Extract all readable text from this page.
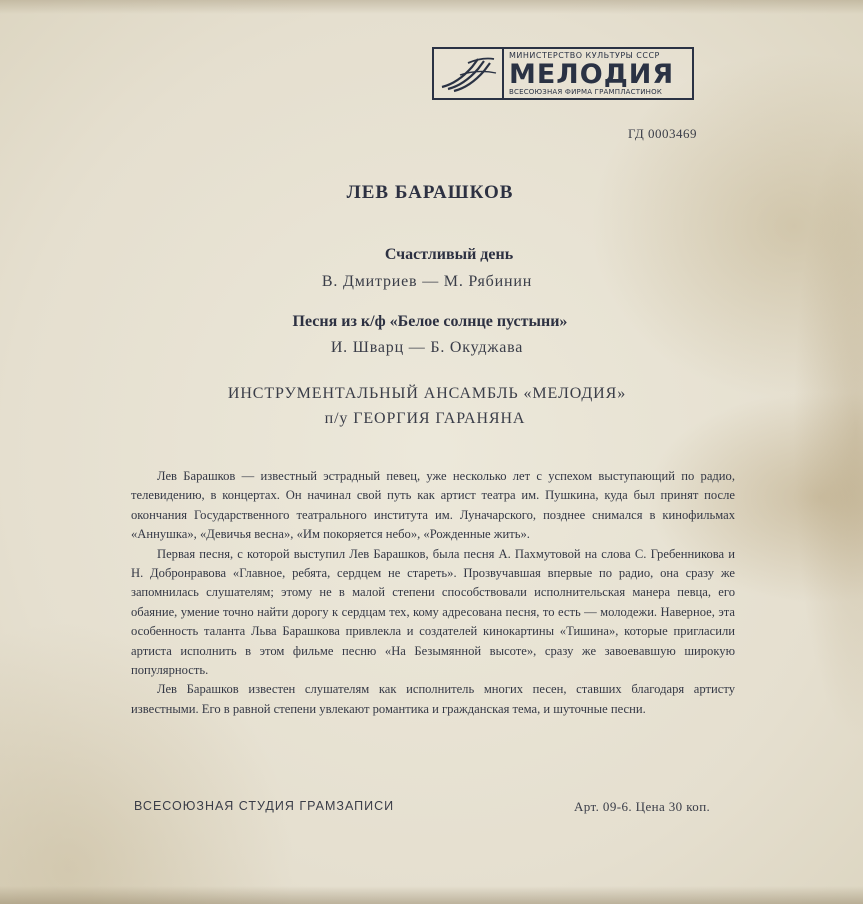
МИНИСТЕРСТВО КУЛЬТУРЫ СССР
МЕЛОДИЯ
ВСЕСОЮЗНАЯ ФИРМА ГРАМПЛАСТИНОК
ГД 0003469
ЛЕВ БАРАШКОВ
Счастливый день
В. Дмитриев — М. Рябинин
Песня из к/ф «Белое солнце пустыни»
И. Шварц — Б. Окуджава
ИНСТРУМЕНТАЛЬНЫЙ АНСАМБЛЬ «МЕЛОДИЯ»
п/у ГЕОРГИЯ ГАРАНЯНА

Лев Барашков — известный эстрадный певец, уже несколько лет с успехом выступающий по радио, телевидению, в концертах. Он начинал свой путь как артист театра им. Пушкина, куда был принят после окончания Государственного театрального института им. Луначарского, позднее снимался в кинофильмах «Аннушка», «Девичья весна», «Им покоряется небо», «Рожденные жить».

Первая песня, с которой выступил Лев Барашков, была песня А. Пахмутовой на слова С. Гребенникова и Н. Добронравова «Главное, ребята, сердцем не стареть». Прозвучавшая впервые по радио, она сразу же запомнилась слушателям; этому не в малой степени способствовали исполнительская манера певца, его обаяние, умение точно найти дорогу к сердцам тех, кому адресована песня, то есть — молодежи. Наверное, эта особенность таланта Льва Барашкова привлекла и создателей кинокартины «Тишина», которые пригласили артиста исполнить в этом фильме песню «На Безымянной высоте», сразу же завоевавшую широкую популярность.

Лев Барашков известен слушателям как исполнитель многих песен, ставших благодаря артисту известными. Его в равной степени увлекают романтика и гражданская тема, и шуточные песни.

ВСЕСОЮЗНАЯ СТУДИЯ ГРАМЗАПИСИ	Арт. 09-6. Цена 30 коп.
